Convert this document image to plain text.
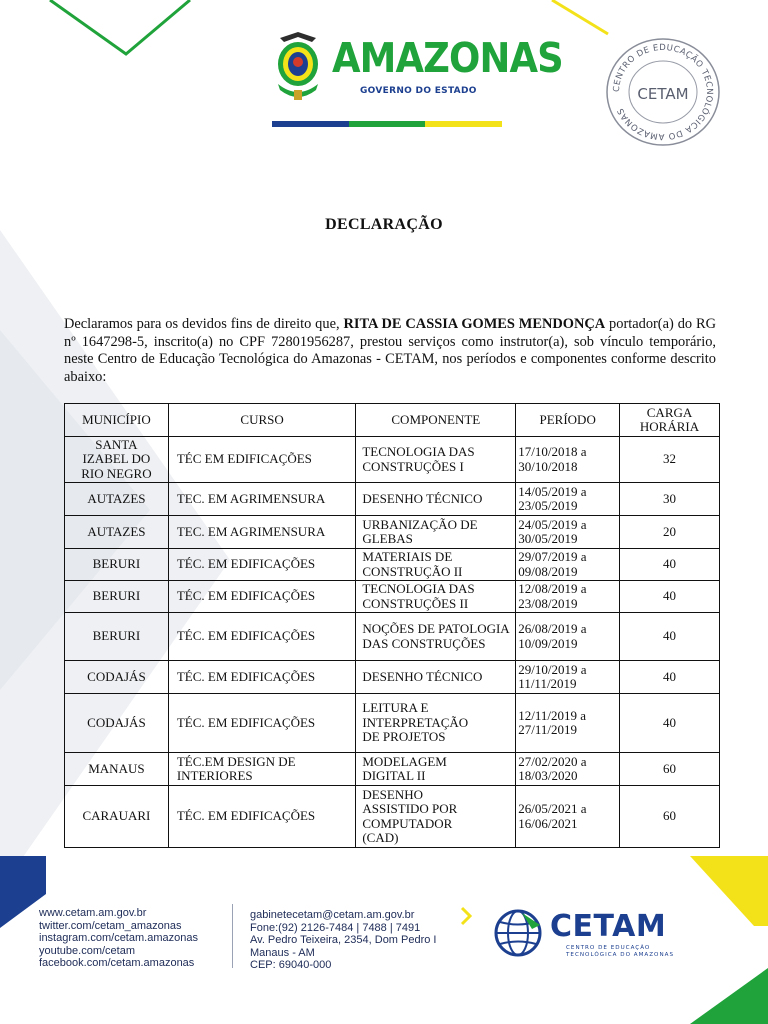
AMAZONAS
GOVERNO DO ESTADO	CENTRO DE EDUCAÇÃO TECNOLÓGICA DO AMAZONAS
CETAM
DECLARAÇÃO

Declaramos para os devidos fins de direito que, RITA DE CASSIA GOMES MENDONÇA portador(a) do RG nº 1647298-5, inscrito(a) no CPF 72801956287, prestou serviços como instrutor(a), sob vínculo temporário, neste Centro de Educação Tecnológica do Amazonas - CETAM, nos períodos e componentes conforme descrito abaixo:

MUNICÍPIO	CURSO	COMPONENTE	PERÍODO	CARGA HORÁRIA
SANTA IZABEL DO RIO NEGRO	TÉC EM EDIFICAÇÕES	TECNOLOGIA DAS CONSTRUÇÕES I	17/10/2018 a 30/10/2018	32
AUTAZES	TEC. EM AGRIMENSURA	DESENHO TÉCNICO	14/05/2019 a 23/05/2019	30
AUTAZES	TEC. EM AGRIMENSURA	URBANIZAÇÃO DE GLEBAS	24/05/2019 a 30/05/2019	20
BERURI	TÉC. EM EDIFICAÇÕES	MATERIAIS DE CONSTRUÇÃO II	29/07/2019 a 09/08/2019	40
BERURI	TÉC. EM EDIFICAÇÕES	TECNOLOGIA DAS CONSTRUÇÕES II	12/08/2019 a 23/08/2019	40
BERURI	TÉC. EM EDIFICAÇÕES	NOÇÕES DE PATOLOGIA DAS CONSTRUÇÕES	26/08/2019 a 10/09/2019	40
CODAJÁS	TÉC. EM EDIFICAÇÕES	DESENHO TÉCNICO	29/10/2019 a 11/11/2019	40
CODAJÁS	TÉC. EM EDIFICAÇÕES	LEITURA E INTERPRETAÇÃO DE PROJETOS	12/11/2019 a 27/11/2019	40
MANAUS	TÉC.EM DESIGN DE INTERIORES	MODELAGEM DIGITAL II	27/02/2020 a 18/03/2020	60
CARAUARI	TÉC. EM EDIFICAÇÕES	DESENHO ASSISTIDO POR COMPUTADOR (CAD)	26/05/2021 a 16/06/2021	60
www.cetam.am.gov.br
twitter.com/cetam_amazonas
instagram.com/cetam.amazonas
youtube.com/cetam
facebook.com/cetam.amazonas
gabinetecetam@cetam.am.gov.br
Fone:(92) 2126-7484 | 7488 | 7491
Av. Pedro Teixeira, 2354, Dom Pedro I
Manaus - AM
CEP: 69040-000
CETAM
CENTRO DE EDUCAÇÃO TECNOLÓGICA DO AMAZONAS
